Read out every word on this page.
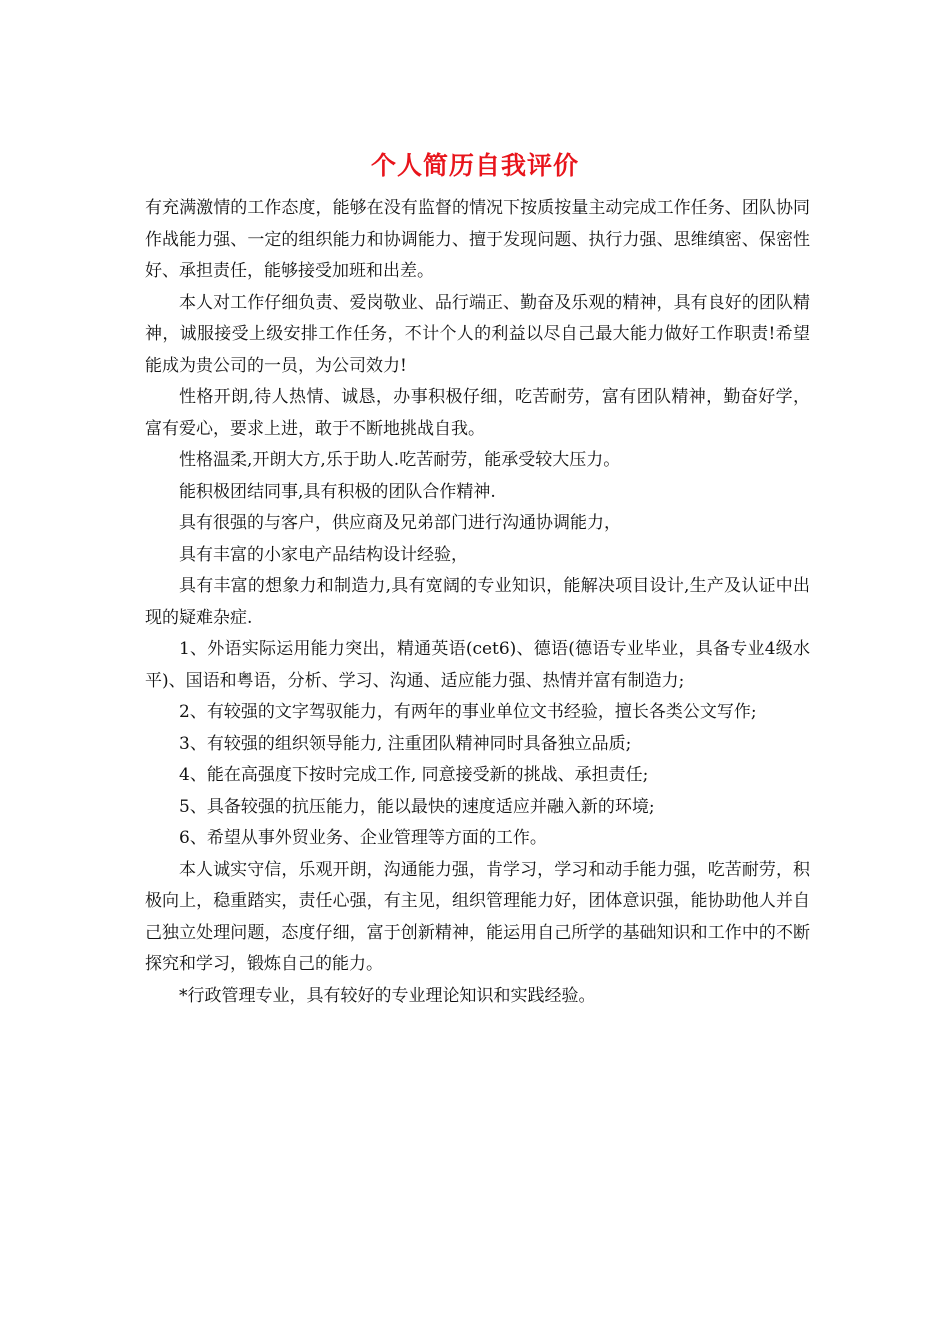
个人简历自我评价

有充满激情的工作态度，能够在没有监督的情况下按质按量主动完成工作任务、团队协同作战能力强、一定的组织能力和协调能力、擅于发现问题、执行力强、思维缜密、保密性好、承担责任，能够接受加班和出差。

本人对工作仔细负责、爱岗敬业、品行端正、勤奋及乐观的精神，具有良好的团队精神，诚服接受上级安排工作任务，不计个人的利益以尽自己最大能力做好工作职责!希望能成为贵公司的一员，为公司效力!

性格开朗,待人热情、诚恳，办事积极仔细，吃苦耐劳，富有团队精神，勤奋好学，富有爱心，要求上进，敢于不断地挑战自我。

性格温柔,开朗大方,乐于助人.吃苦耐劳，能承受较大压力。

能积极团结同事,具有积极的团队合作精神.

具有很强的与客户，供应商及兄弟部门进行沟通协调能力，

具有丰富的小家电产品结构设计经验，

具有丰富的想象力和制造力,具有宽阔的专业知识，能解决项目设计,生产及认证中出现的疑难杂症.

1、外语实际运用能力突出，精通英语(cet6)、德语(德语专业毕业，具备专业4级水平)、国语和粤语，分析、学习、沟通、适应能力强、热情并富有制造力;

2、有较强的文字驾驭能力，有两年的事业单位文书经验，擅长各类公文写作;

3、有较强的组织领导能力, 注重团队精神同时具备独立品质;

4、能在高强度下按时完成工作, 同意接受新的挑战、承担责任;

5、具备较强的抗压能力，能以最快的速度适应并融入新的环境;

6、希望从事外贸业务、企业管理等方面的工作。

本人诚实守信，乐观开朗，沟通能力强，肯学习，学习和动手能力强，吃苦耐劳，积极向上，稳重踏实，责任心强，有主见，组织管理能力好，团体意识强，能协助他人并自己独立处理问题，态度仔细，富于创新精神，能运用自己所学的基础知识和工作中的不断探究和学习，锻炼自己的能力。

*行政管理专业，具有较好的专业理论知识和实践经验。
